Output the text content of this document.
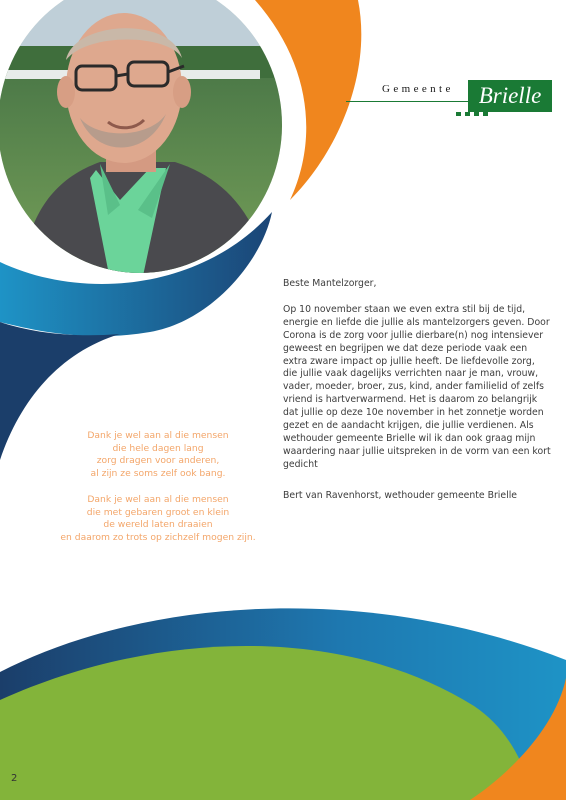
Gemeente	Brielle

Beste Mantelzorger,

Op 10 november staan we even extra stil bij de tijd, energie en liefde die jullie als mantelzorgers geven. Door Corona is de zorg voor jullie dierbare(n) nog intensiever geweest en begrijpen we dat deze periode vaak een extra zware impact op jullie heeft. De liefdevolle zorg, die jullie vaak dagelijks verrichten naar je man, vrouw, vader, moeder, broer, zus, kind, ander familielid of zelfs vriend is hartverwarmend. Het is daarom zo belangrijk dat jullie op deze 10e november in het zonnetje worden gezet en de aandacht krijgen, die jullie verdienen. Als wethouder gemeente Brielle wil ik dan ook graag mijn waardering naar jullie uitspreken in de vorm van een kort gedicht

Bert van Ravenhorst, wethouder gemeente Brielle

Dank je wel aan al die mensen
die hele dagen lang
zorg dragen voor anderen,
al zijn ze soms zelf ook bang.

Dank je wel aan al die mensen
die met gebaren groot en klein
de wereld laten draaien
en daarom zo trots op zichzelf mogen zijn.

2
